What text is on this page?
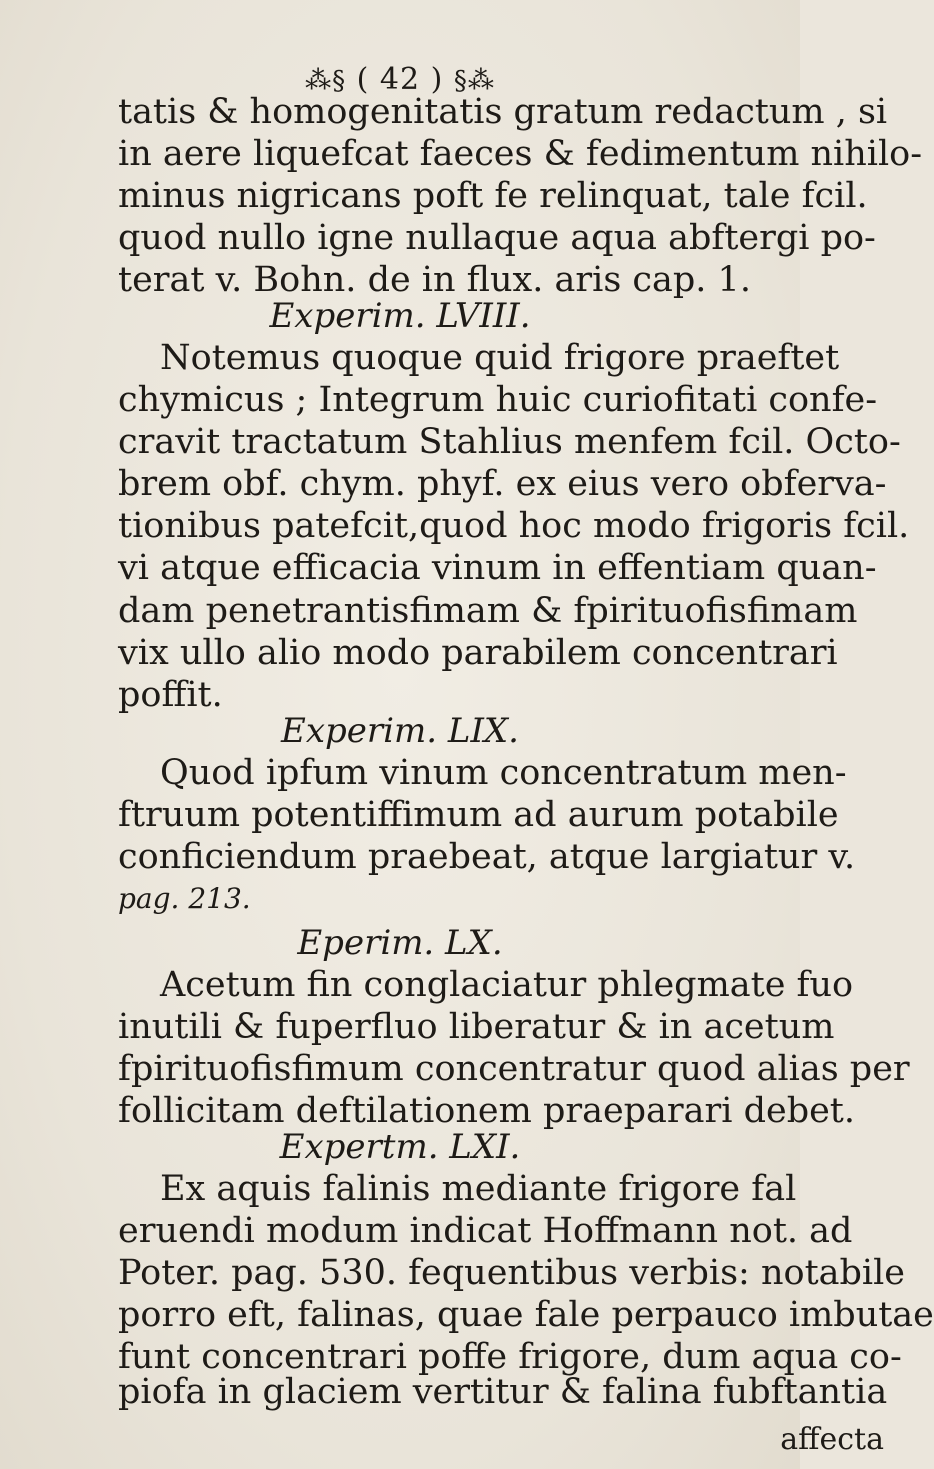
⁂§ ( 42 ) §⁂
tatis & homogenitatis gratum redactum , si
in aere liquefcat faeces & fedimentum nihilo-
minus nigricans poft fe relinquat, tale fcil.
quod nullo igne nullaque aqua abftergi po-
terat v. Bohn. de in flux. aris cap. 1.
Experim. LVIII.
Notemus quoque quid frigore praeftet
chymicus ; Integrum huic curiofitati confe-
cravit tractatum Stahlius menfem fcil. Octo-
brem obf. chym. phyf. ex eius vero obferva-
tionibus patefcit,quod hoc modo frigoris fcil.
vi atque efficacia vinum in effentiam quan-
dam penetrantisfimam & fpirituofisfimam
vix ullo alio modo parabilem concentrari
poffit.
Experim. LIX.
Quod ipfum vinum concentratum men-
ftruum potentiffimum ad aurum potabile
conficiendum praebeat, atque largiatur v.
pag. 213.
Eperim. LX.
Acetum fin conglaciatur phlegmate fuo
inutili & fuperfluo liberatur & in acetum
fpirituofisfimum concentratur quod alias per
follicitam deftilationem praeparari debet.
Expertm. LXI.
Ex aquis falinis mediante frigore fal
eruendi modum indicat Hoffmann not. ad
Poter. pag. 530. fequentibus verbis: notabile
porro eft, falinas, quae fale perpauco imbutae
funt concentrari poffe frigore, dum aqua co-
piofa in glaciem vertitur & falina fubftantia
affecta
